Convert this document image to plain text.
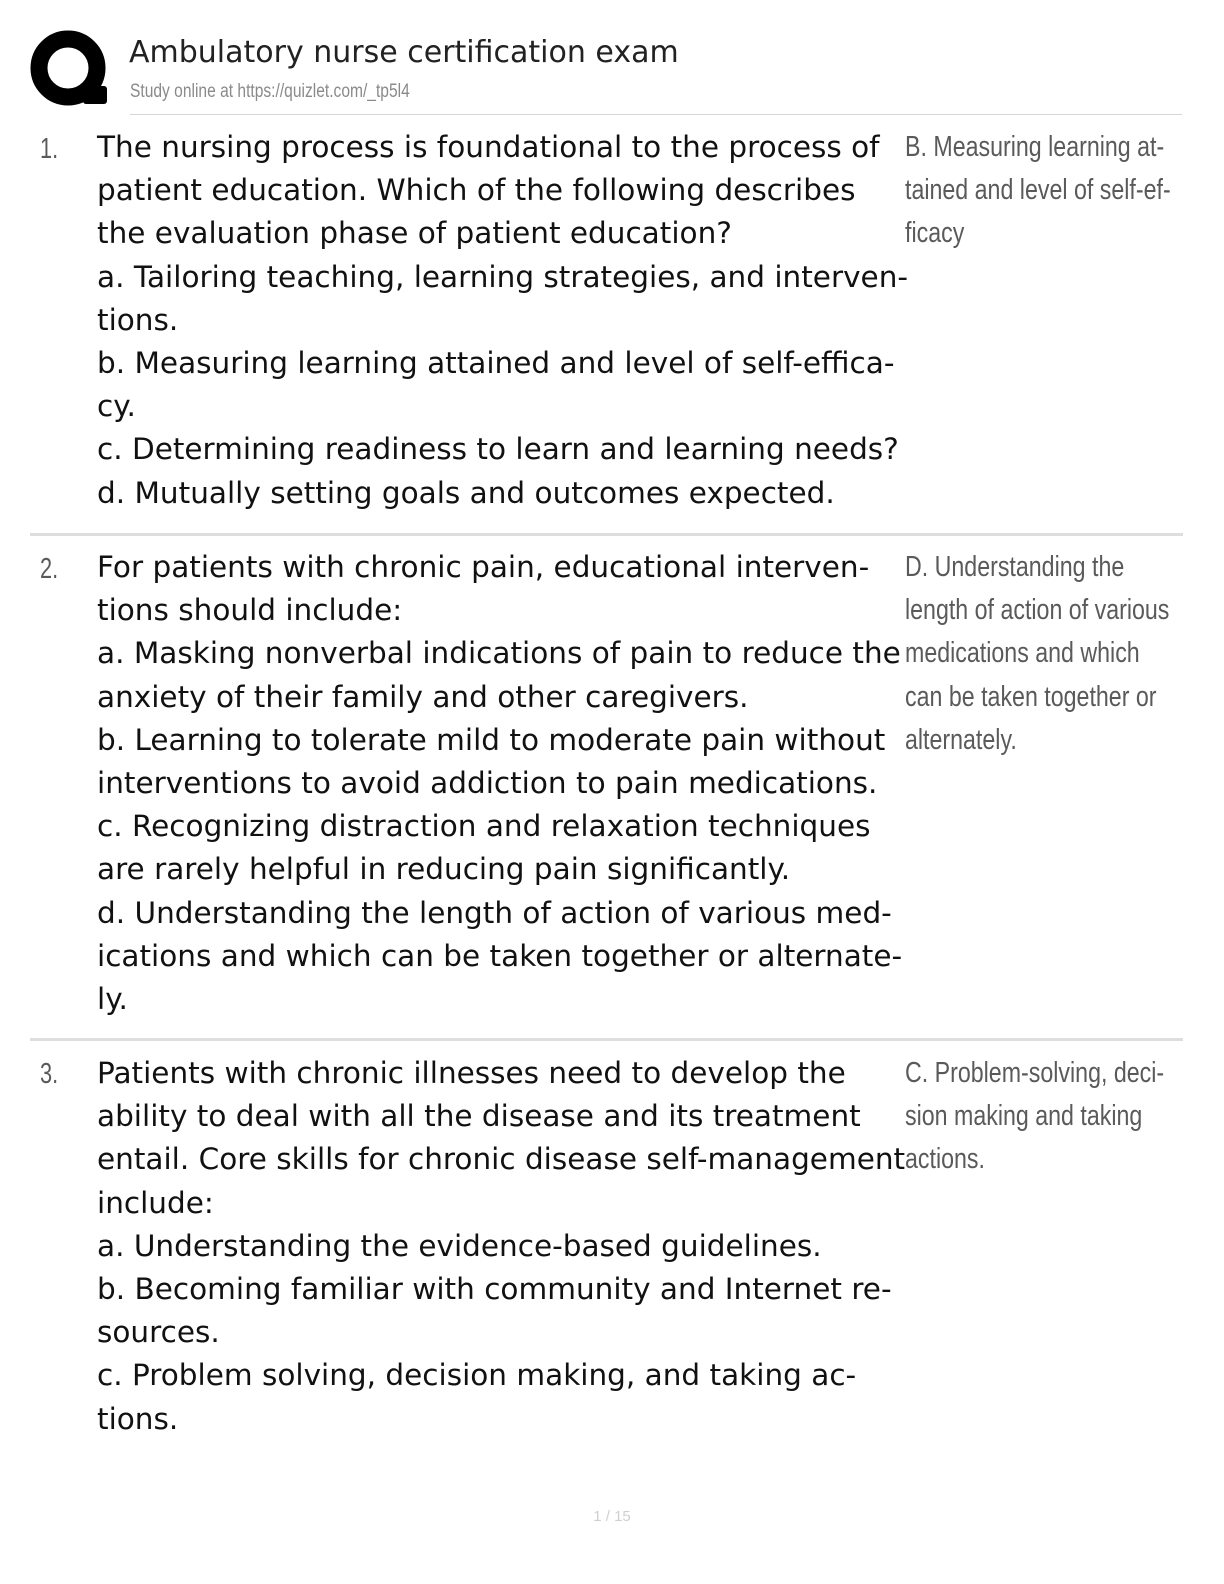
Ambulatory nurse certification exam
Study online at https://quizlet.com/_tp5l4
1. The nursing process is foundational to the process of
patient education. Which of the following describes
the evaluation phase of patient education?
a. Tailoring teaching, learning strategies, and interven-
tions.
b. Measuring learning attained and level of self-effica-
cy.
c. Determining readiness to learn and learning needs?
d. Mutually setting goals and outcomes expected.
B. Measuring learning at-
tained and level of self-ef-
ficacy
2. For patients with chronic pain, educational interven-
tions should include:
a. Masking nonverbal indications of pain to reduce the
anxiety of their family and other caregivers.
b. Learning to tolerate mild to moderate pain without
interventions to avoid addiction to pain medications.
c. Recognizing distraction and relaxation techniques
are rarely helpful in reducing pain significantly.
d. Understanding the length of action of various med-
ications and which can be taken together or alternate-
ly.
D. Understanding the
length of action of various
medications and which
can be taken together or
alternately.
3. Patients with chronic illnesses need to develop the
ability to deal with all the disease and its treatment
entail. Core skills for chronic disease self-management
include:
a. Understanding the evidence-based guidelines.
b. Becoming familiar with community and Internet re-
sources.
c. Problem solving, decision making, and taking ac-
tions.
C. Problem-solving, deci-
sion making and taking
actions.
1 / 15
